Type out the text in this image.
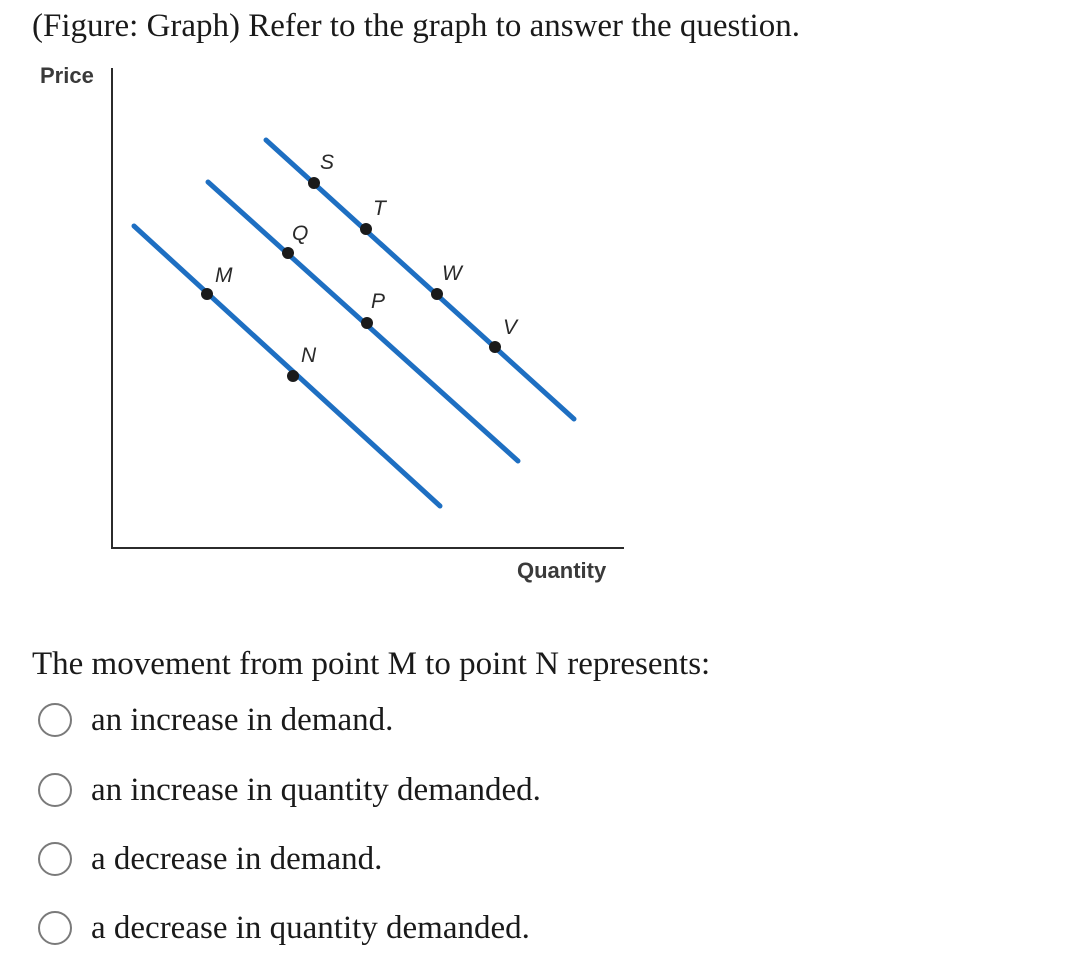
(Figure: Graph) Refer to the graph to answer the question.
Price
Quantity
M
N
Q
P
S
T
W
V

The movement from point M to point N represents:

an increase in demand.
an increase in quantity demanded.
a decrease in demand.
a decrease in quantity demanded.
